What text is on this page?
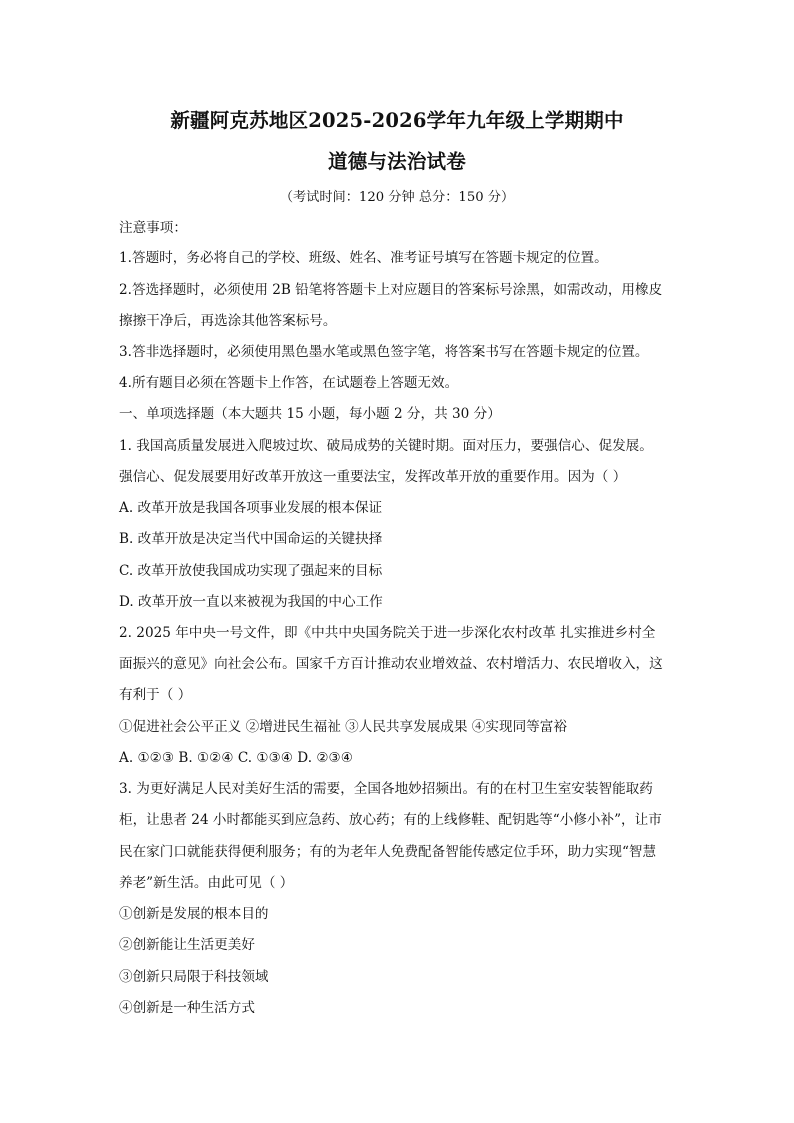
新疆阿克苏地区2025-2026学年九年级上学期期中
道德与法治试卷
（考试时间：120 分钟 总分：150 分）
注意事项：
1.答题时，务必将自己的学校、班级、姓名、准考证号填写在答题卡规定的位置。
2.答选择题时，必须使用 2B 铅笔将答题卡上对应题目的答案标号涂黑，如需改动，用橡皮
擦擦干净后，再选涂其他答案标号。
3.答非选择题时，必须使用黑色墨水笔或黑色签字笔，将答案书写在答题卡规定的位置。
4.所有题目必须在答题卡上作答，在试题卷上答题无效。
一、单项选择题（本大题共 15 小题，每小题 2 分，共 30 分）
1. 我国高质量发展进入爬坡过坎、破局成势的关键时期。面对压力，要强信心、促发展。
强信心、促发展要用好改革开放这一重要法宝，发挥改革开放的重要作用。因为（ ）
A. 改革开放是我国各项事业发展的根本保证
B. 改革开放是决定当代中国命运的关键抉择
C. 改革开放使我国成功实现了强起来的目标
D. 改革开放一直以来被视为我国的中心工作
2. 2025 年中央一号文件，即《中共中央国务院关于进一步深化农村改革 扎实推进乡村全
面振兴的意见》向社会公布。国家千方百计推动农业增效益、农村增活力、农民增收入，这
有利于（ ）
①促进社会公平正义 ②增进民生福祉 ③人民共享发展成果 ④实现同等富裕
A. ①②③ B. ①②④ C. ①③④ D. ②③④
3. 为更好满足人民对美好生活的需要，全国各地妙招频出。有的在村卫生室安装智能取药
柜，让患者 24 小时都能买到应急药、放心药；有的上线修鞋、配钥匙等“小修小补”，让市
民在家门口就能获得便利服务；有的为老年人免费配备智能传感定位手环，助力实现“智慧
养老”新生活。由此可见（ ）
①创新是发展的根本目的
②创新能让生活更美好
③创新只局限于科技领域
④创新是一种生活方式
